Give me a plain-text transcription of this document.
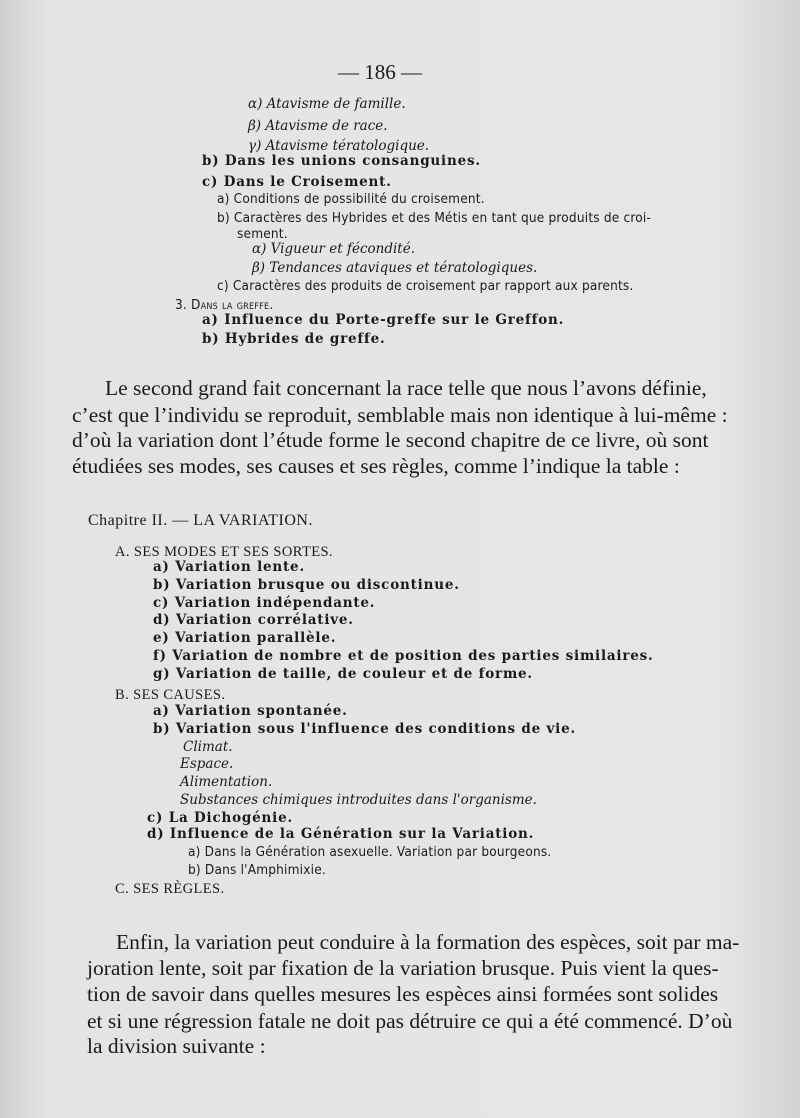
— 186 —
α) Atavisme de famille.
β) Atavisme de race.
γ) Atavisme tératologique.
b) Dans les unions consanguines.
c) Dans le Croisement.
a) Conditions de possibilité du croisement.
b) Caractères des Hybrides et des Métis en tant que produits de croi-
sement.
α) Vigueur et fécondité.
β) Tendances ataviques et tératologiques.
c) Caractères des produits de croisement par rapport aux parents.
3. Dans la greffe.
a) Influence du Porte-greffe sur le Greffon.
b) Hybrides de greffe.
Le second grand fait concernant la race telle que nous l’avons définie,
c’est que l’individu se reproduit, semblable mais non identique à lui-même :
d’où la variation dont l’étude forme le second chapitre de ce livre, où sont
étudiées ses modes, ses causes et ses règles, comme l’indique la table :
Chapitre II. — LA VARIATION.
A. SES MODES ET SES SORTES.
a) Variation lente.
b) Variation brusque ou discontinue.
c) Variation indépendante.
d) Variation corrélative.
e) Variation parallèle.
f) Variation de nombre et de position des parties similaires.
g) Variation de taille, de couleur et de forme.
B. SES CAUSES.
a) Variation spontanée.
b) Variation sous l'influence des conditions de vie.
Climat.
Espace.
Alimentation.
Substances chimiques introduites dans l'organisme.
c) La Dichogénie.
d) Influence de la Génération sur la Variation.
a) Dans la Génération asexuelle. Variation par bourgeons.
b) Dans l'Amphimixie.
C. SES RÈGLES.
Enfin, la variation peut conduire à la formation des espèces, soit par ma-
joration lente, soit par fixation de la variation brusque. Puis vient la ques-
tion de savoir dans quelles mesures les espèces ainsi formées sont solides
et si une régression fatale ne doit pas détruire ce qui a été commencé. D’où
la division suivante :
